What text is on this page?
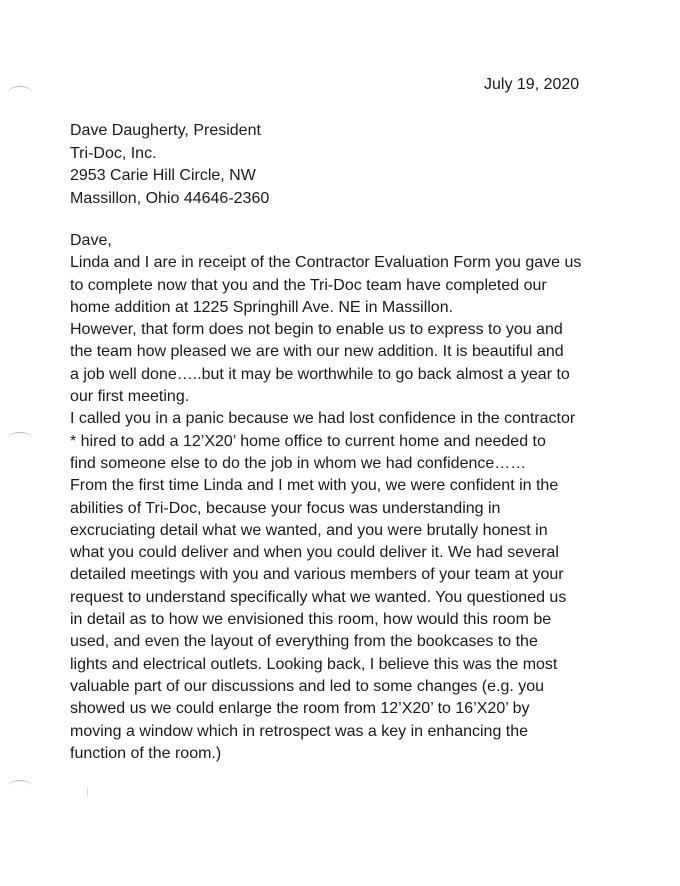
July 19, 2020
Dave Daugherty, President
Tri-Doc, Inc.
2953 Carie Hill Circle, NW
Massillon, Ohio 44646-2360
Dave,
Linda and I are in receipt of the Contractor Evaluation Form you gave us
to complete now that you and the Tri-Doc team have completed our
home addition at 1225 Springhill Ave. NE in Massillon.
However, that form does not begin to enable us to express to you and
the team how pleased we are with our new addition. It is beautiful and
a job well done…..but it may be worthwhile to go back almost a year to
our first meeting.
I called you in a panic because we had lost confidence in the contractor
* hired to add a 12’X20’ home office to current home and needed to
find someone else to do the job in whom we had confidence……
From the first time Linda and I met with you, we were confident in the
abilities of Tri-Doc, because your focus was understanding in
excruciating detail what we wanted, and you were brutally honest in
what you could deliver and when you could deliver it. We had several
detailed meetings with you and various members of your team at your
request to understand specifically what we wanted. You questioned us
in detail as to how we envisioned this room, how would this room be
used, and even the layout of everything from the bookcases to the
lights and electrical outlets. Looking back, I believe this was the most
valuable part of our discussions and led to some changes (e.g. you
showed us we could enlarge the room from 12’X20’ to 16’X20’ by
moving a window which in retrospect was a key in enhancing the
function of the room.)
